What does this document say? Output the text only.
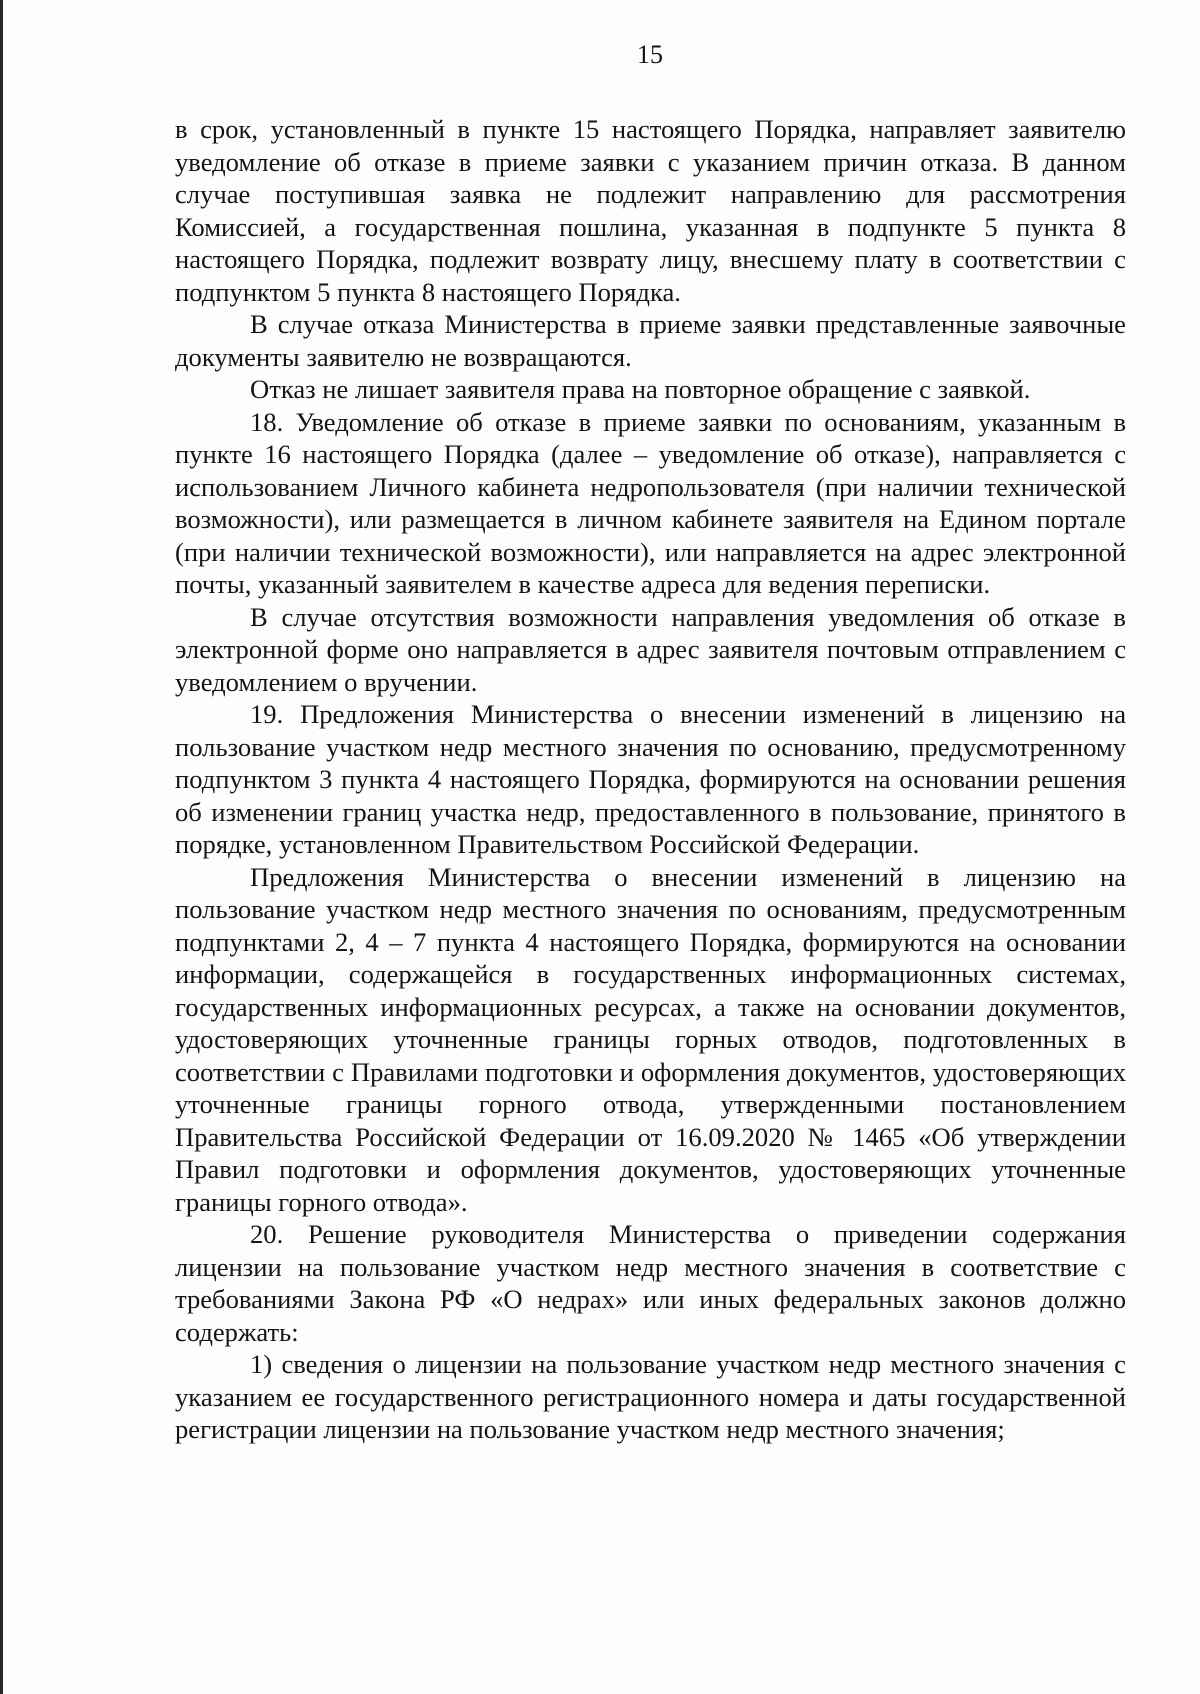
15

в срок, установленный в пункте 15 настоящего Порядка, направляет заявителю уведомление об отказе в приеме заявки с указанием причин отказа. В данном случае поступившая заявка не подлежит направлению для рассмотрения Комиссией, а государственная пошлина, указанная в подпункте 5 пункта 8 настоящего Порядка, подлежит возврату лицу, внесшему плату в соответствии с подпунктом 5 пункта 8 настоящего Порядка.

В случае отказа Министерства в приеме заявки представленные заявочные документы заявителю не возвращаются.

Отказ не лишает заявителя права на повторное обращение с заявкой.

18. Уведомление об отказе в приеме заявки по основаниям, указанным в пункте 16 настоящего Порядка (далее – уведомление об отказе), направляется с использованием Личного кабинета недропользователя (при наличии технической возможности), или размещается в личном кабинете заявителя на Едином портале (при наличии технической возможности), или направляется на адрес электронной почты, указанный заявителем в качестве адреса для ведения переписки.

В случае отсутствия возможности направления уведомления об отказе в электронной форме оно направляется в адрес заявителя почтовым отправлением с уведомлением о вручении.

19. Предложения Министерства о внесении изменений в лицензию на пользование участком недр местного значения по основанию, предусмотренному подпунктом 3 пункта 4 настоящего Порядка, формируются на основании решения об изменении границ участка недр, предоставленного в пользование, принятого в порядке, установленном Правительством Российской Федерации.

Предложения Министерства о внесении изменений в лицензию на пользование участком недр местного значения по основаниям, предусмотренным подпунктами 2, 4 – 7 пункта 4 настоящего Порядка, формируются на основании информации, содержащейся в государственных информационных системах, государственных информационных ресурсах, а также на основании документов, удостоверяющих уточненные границы горных отводов, подготовленных в соответствии с Правилами подготовки и оформления документов, удостоверяющих уточненные границы горного отвода, утвержденными постановлением Правительства Российской Федерации от 16.09.2020 № 1465 «Об утверждении Правил подготовки и оформления документов, удостоверяющих уточненные границы горного отвода».

20. Решение руководителя Министерства о приведении содержания лицензии на пользование участком недр местного значения в соответствие с требованиями Закона РФ «О недрах» или иных федеральных законов должно содержать:

1) сведения о лицензии на пользование участком недр местного значения с указанием ее государственного регистрационного номера и даты государственной регистрации лицензии на пользование участком недр местного значения;
